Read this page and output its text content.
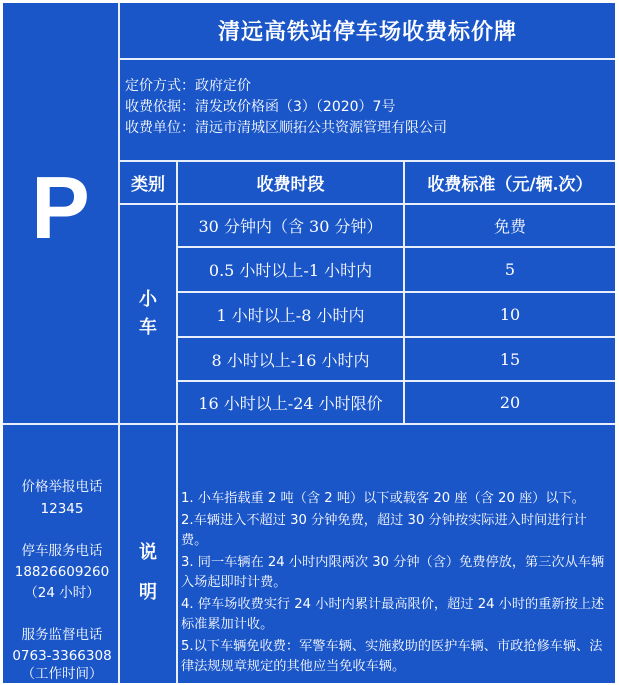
P
清远高铁站停车场收费标价牌
定价方式：政府定价
收费依据：清发改价格函（3）（2020）7号
收费单位：清远市清城区顺拓公共资源管理有限公司
类别	收费时段	收费标准（元/辆.次）
小
车
30 分钟内（含 30 分钟）	免费
0.5 小时以上-1 小时内	5
1 小时以上-8 小时内	10
8 小时以上-16 小时内	15
16 小时以上-24 小时限价	20
价格举报电话
12345
停车服务电话
18826609260
（24 小时）
服务监督电话
0763-3366308
（工作时间）
说
明
1. 小车指载重 2 吨（含 2 吨）以下或载客 20 座（含 20 座）以下。
2.车辆进入不超过 30 分钟免费，超过 30 分钟按实际进入时间进行计费。
3. 同一车辆在 24 小时内限两次 30 分钟（含）免费停放，第三次从车辆入场起即时计费。
4. 停车场收费实行 24 小时内累计最高限价，超过 24 小时的重新按上述标准累加计收。
5.以下车辆免收费：军警车辆、实施救助的医护车辆、市政抢修车辆、法律法规规章规定的其他应当免收车辆。
